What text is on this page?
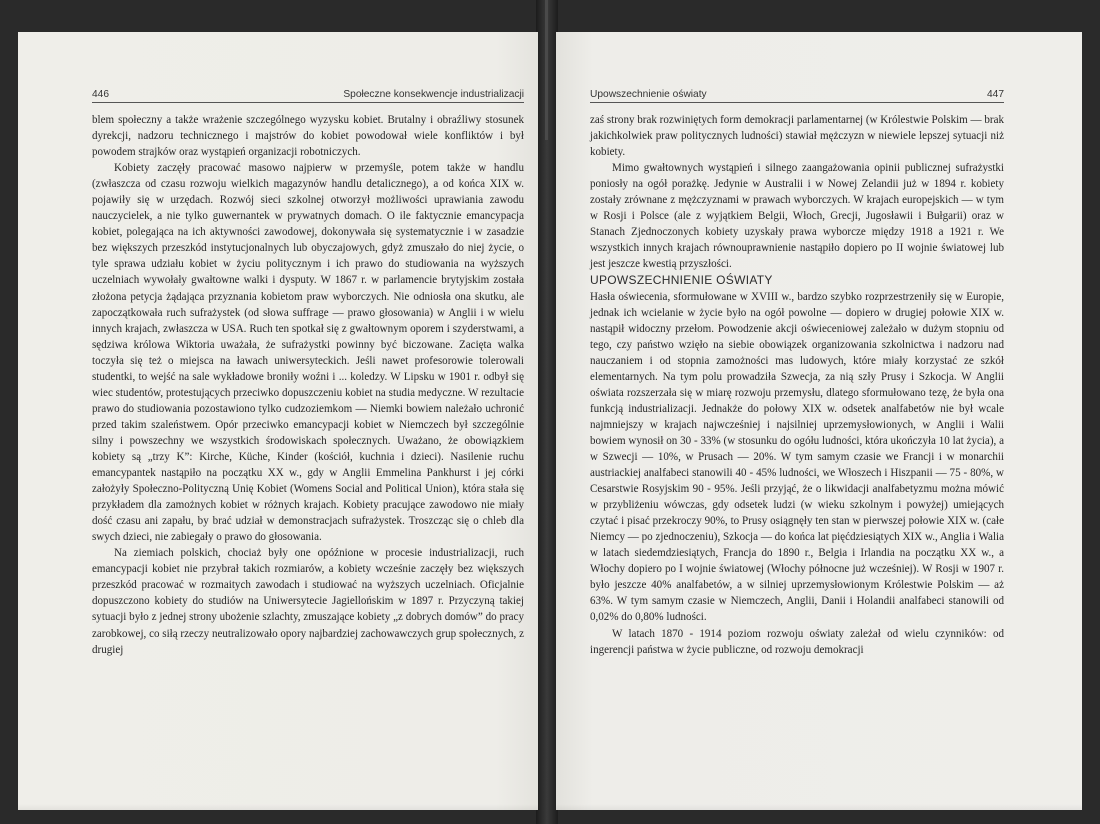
446	Społeczne konsekwencje industrializacji

blem społeczny a także wrażenie szczególnego wyzysku kobiet. Brutalny i obraźliwy stosunek dyrekcji, nadzoru technicznego i majstrów do kobiet powodował wiele konfliktów i był powodem strajków oraz wystąpień organizacji robotniczych.

Kobiety zaczęły pracować masowo najpierw w przemyśle, potem także w handlu (zwłaszcza od czasu rozwoju wielkich magazynów handlu detalicznego), a od końca XIX w. pojawiły się w urzędach. Rozwój sieci szkolnej otworzył możliwości uprawiania zawodu nauczycielek, a nie tylko guwernantek w prywatnych domach. O ile faktycznie emancypacja kobiet, polegająca na ich aktywności zawodowej, dokonywała się systematycznie i w zasadzie bez większych przeszkód instytucjonalnych lub obyczajowych, gdyż zmuszało do niej życie, o tyle sprawa udziału kobiet w życiu politycznym i ich prawo do studiowania na wyższych uczelniach wywołały gwałtowne walki i dysputy. W 1867 r. w parlamencie brytyjskim została złożona petycja żądająca przyznania kobietom praw wyborczych. Nie odniosła ona skutku, ale zapoczątkowała ruch sufrażystek (od słowa suffrage — prawo głosowania) w Anglii i w wielu innych krajach, zwłaszcza w USA. Ruch ten spotkał się z gwałtownym oporem i szyderstwami, a sędziwa królowa Wiktoria uważała, że sufrażystki powinny być biczowane. Zacięta walka toczyła się też o miejsca na ławach uniwersyteckich. Jeśli nawet profesorowie tolerowali studentki, to wejść na sale wykładowe broniły woźni i ... koledzy. W Lipsku w 1901 r. odbył się wiec studentów, protestujących przeciwko dopuszczeniu kobiet na studia medyczne. W rezultacie prawo do studiowania pozostawiono tylko cudzoziemkom — Niemki bowiem należało uchronić przed takim szaleństwem. Opór przeciwko emancypacji kobiet w Niemczech był szczególnie silny i powszechny we wszystkich środowiskach społecznych. Uważano, że obowiązkiem kobiety są „trzy K”: Kirche, Küche, Kinder (kościół, kuchnia i dzieci). Nasilenie ruchu emancypantek nastąpiło na początku XX w., gdy w Anglii Emmelina Pankhurst i jej córki założyły Społeczno-Polityczną Unię Kobiet (Womens Social and Political Union), która stała się przykładem dla zamożnych kobiet w różnych krajach. Kobiety pracujące zawodowo nie miały dość czasu ani zapału, by brać udział w demonstracjach sufrażystek. Troszcząc się o chleb dla swych dzieci, nie zabiegały o prawo do głosowania.

Na ziemiach polskich, chociaż były one opóźnione w procesie industrializacji, ruch emancypacji kobiet nie przybrał takich rozmiarów, a kobiety wcześnie zaczęły bez większych przeszkód pracować w rozmaitych zawodach i studiować na wyższych uczelniach. Oficjalnie dopuszczono kobiety do studiów na Uniwersytecie Jagiellońskim w 1897 r. Przyczyną takiej sytuacji było z jednej strony ubożenie szlachty, zmuszające kobiety „z dobrych domów” do pracy zarobkowej, co siłą rzeczy neutralizowało opory najbardziej zachowawczych grup społecznych, z drugiej

Upowszechnienie oświaty	447

zaś strony brak rozwiniętych form demokracji parlamentarnej (w Królestwie Polskim — brak jakichkolwiek praw politycznych ludności) stawiał mężczyzn w niewiele lepszej sytuacji niż kobiety.

Mimo gwałtownych wystąpień i silnego zaangażowania opinii publicznej sufrażystki poniosły na ogół porażkę. Jedynie w Australii i w Nowej Zelandii już w 1894 r. kobiety zostały zrównane z mężczyznami w prawach wyborczych. W krajach europejskich — w tym w Rosji i Polsce (ale z wyjątkiem Belgii, Włoch, Grecji, Jugosławii i Bułgarii) oraz w Stanach Zjednoczonych kobiety uzyskały prawa wyborcze między 1918 a 1921 r. We wszystkich innych krajach równouprawnienie nastąpiło dopiero po II wojnie światowej lub jest jeszcze kwestią przyszłości.

UPOWSZECHNIENIE OŚWIATY

Hasła oświecenia, sformułowane w XVIII w., bardzo szybko rozprzestrzeniły się w Europie, jednak ich wcielanie w życie było na ogół powolne — dopiero w drugiej połowie XIX w. nastąpił widoczny przełom. Powodzenie akcji oświeceniowej zależało w dużym stopniu od tego, czy państwo wzięło na siebie obowiązek organizowania szkolnictwa i nadzoru nad nauczaniem i od stopnia zamożności mas ludowych, które miały korzystać ze szkół elementarnych. Na tym polu prowadziła Szwecja, za nią szły Prusy i Szkocja. W Anglii oświata rozszerzała się w miarę rozwoju przemysłu, dlatego sformułowano tezę, że była ona funkcją industrializacji. Jednakże do połowy XIX w. odsetek analfabetów nie był wcale najmniejszy w krajach najwcześniej i najsilniej uprzemysłowionych, w Anglii i Walii bowiem wynosił on 30 - 33% (w stosunku do ogółu ludności, która ukończyła 10 lat życia), a w Szwecji — 10%, w Prusach — 20%. W tym samym czasie we Francji i w monarchii austriackiej analfabeci stanowili 40 - 45% ludności, we Włoszech i Hiszpanii — 75 - 80%, w Cesarstwie Rosyjskim 90 - 95%. Jeśli przyjąć, że o likwidacji analfabetyzmu można mówić w przybliżeniu wówczas, gdy odsetek ludzi (w wieku szkolnym i powyżej) umiejących czytać i pisać przekroczy 90%, to Prusy osiągnęły ten stan w pierwszej połowie XIX w. (całe Niemcy — po zjednoczeniu), Szkocja — do końca lat pięćdziesiątych XIX w., Anglia i Walia w latach siedemdziesiątych, Francja do 1890 r., Belgia i Irlandia na początku XX w., a Włochy dopiero po I wojnie światowej (Włochy północne już wcześniej). W Rosji w 1907 r. było jeszcze 40% analfabetów, a w silniej uprzemysłowionym Królestwie Polskim — aż 63%. W tym samym czasie w Niemczech, Anglii, Danii i Holandii analfabeci stanowili od 0,02% do 0,80% ludności.

W latach 1870 - 1914 poziom rozwoju oświaty zależał od wielu czynników: od ingerencji państwa w życie publiczne, od rozwoju demokracji
